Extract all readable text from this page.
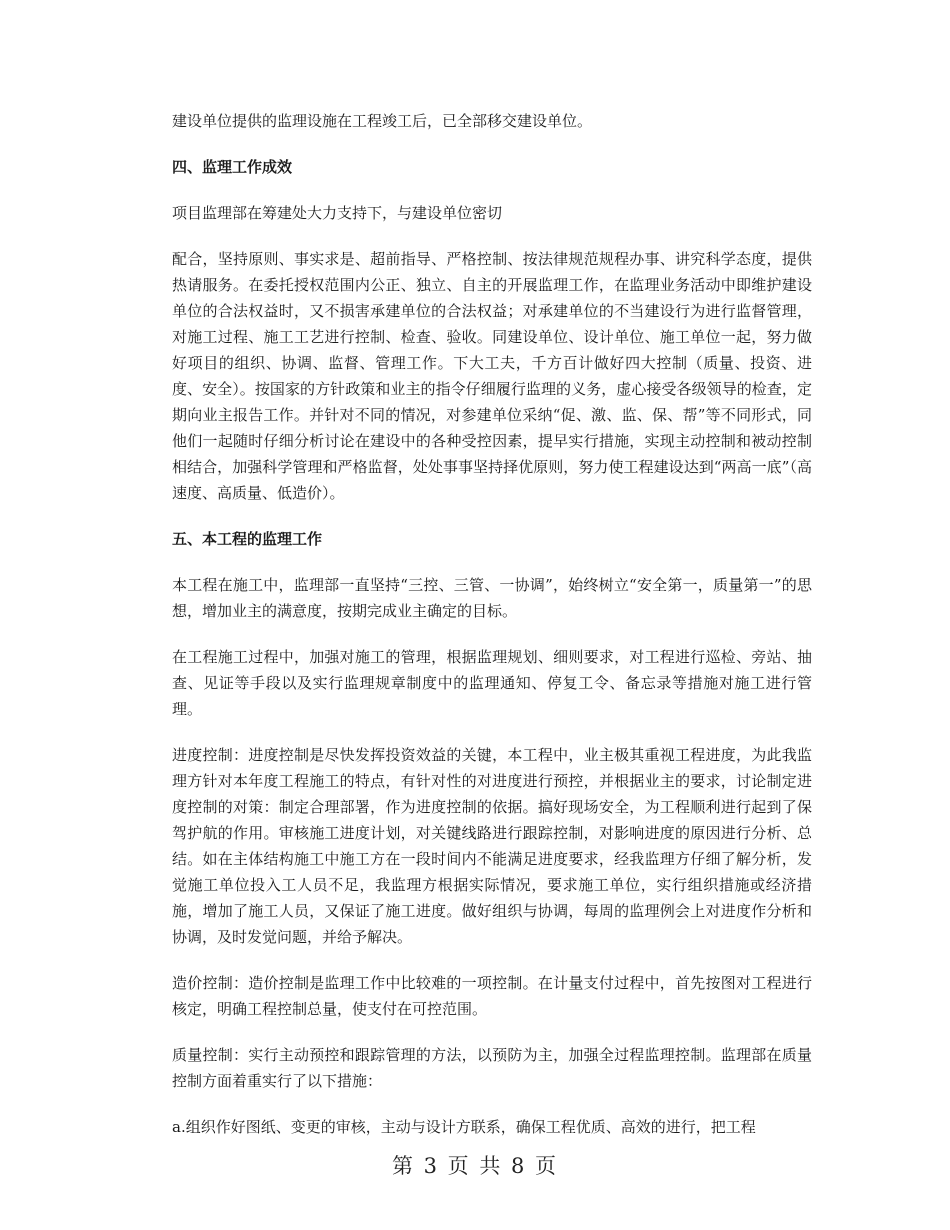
建设单位提供的监理设施在工程竣工后，已全部移交建设单位。

四、监理工作成效

项目监理部在筹建处大力支持下，与建设单位密切

配合，坚持原则、事实求是、超前指导、严格控制、按法律规范规程办事、讲究科学态度，提供热请服务。在委托授权范围内公正、独立、自主的开展监理工作，在监理业务活动中即维护建设单位的合法权益时，又不损害承建单位的合法权益；对承建单位的不当建设行为进行监督管理，对施工过程、施工工艺进行控制、检查、验收。同建设单位、设计单位、施工单位一起，努力做好项目的组织、协调、监督、管理工作。下大工夫，千方百计做好四大控制（质量、投资、进度、安全）。按国家的方针政策和业主的指令仔细履行监理的义务，虚心接受各级领导的检查，定期向业主报告工作。并针对不同的情况，对参建单位采纳“促、激、监、保、帮”等不同形式，同他们一起随时仔细分析讨论在建设中的各种受控因素，提早实行措施，实现主动控制和被动控制相结合，加强科学管理和严格监督，处处事事坚持择优原则，努力使工程建设达到“两高一底”（高速度、高质量、低造价）。

五、本工程的监理工作

本工程在施工中，监理部一直坚持“三控、三管、一协调”，始终树立“安全第一，质量第一”的思想，增加业主的满意度，按期完成业主确定的目标。

在工程施工过程中，加强对施工的管理，根据监理规划、细则要求，对工程进行巡检、旁站、抽查、见证等手段以及实行监理规章制度中的监理通知、停复工令、备忘录等措施对施工进行管理。

进度控制：进度控制是尽快发挥投资效益的关键，本工程中，业主极其重视工程进度，为此我监理方针对本年度工程施工的特点，有针对性的对进度进行预控，并根据业主的要求，讨论制定进度控制的对策：制定合理部署，作为进度控制的依据。搞好现场安全，为工程顺利进行起到了保驾护航的作用。审核施工进度计划，对关键线路进行跟踪控制，对影响进度的原因进行分析、总结。如在主体结构施工中施工方在一段时间内不能满足进度要求，经我监理方仔细了解分析，发觉施工单位投入工人员不足，我监理方根据实际情况，要求施工单位，实行组织措施或经济措施，增加了施工人员，又保证了施工进度。做好组织与协调，每周的监理例会上对进度作分析和协调，及时发觉问题，并给予解决。

造价控制：造价控制是监理工作中比较难的一项控制。在计量支付过程中，首先按图对工程进行核定，明确工程控制总量，使支付在可控范围。

质量控制：实行主动预控和跟踪管理的方法，以预防为主，加强全过程监理控制。监理部在质量控制方面着重实行了以下措施：

a.组织作好图纸、变更的审核，主动与设计方联系，确保工程优质、高效的进行，把工程

第 3 页 共 8 页
